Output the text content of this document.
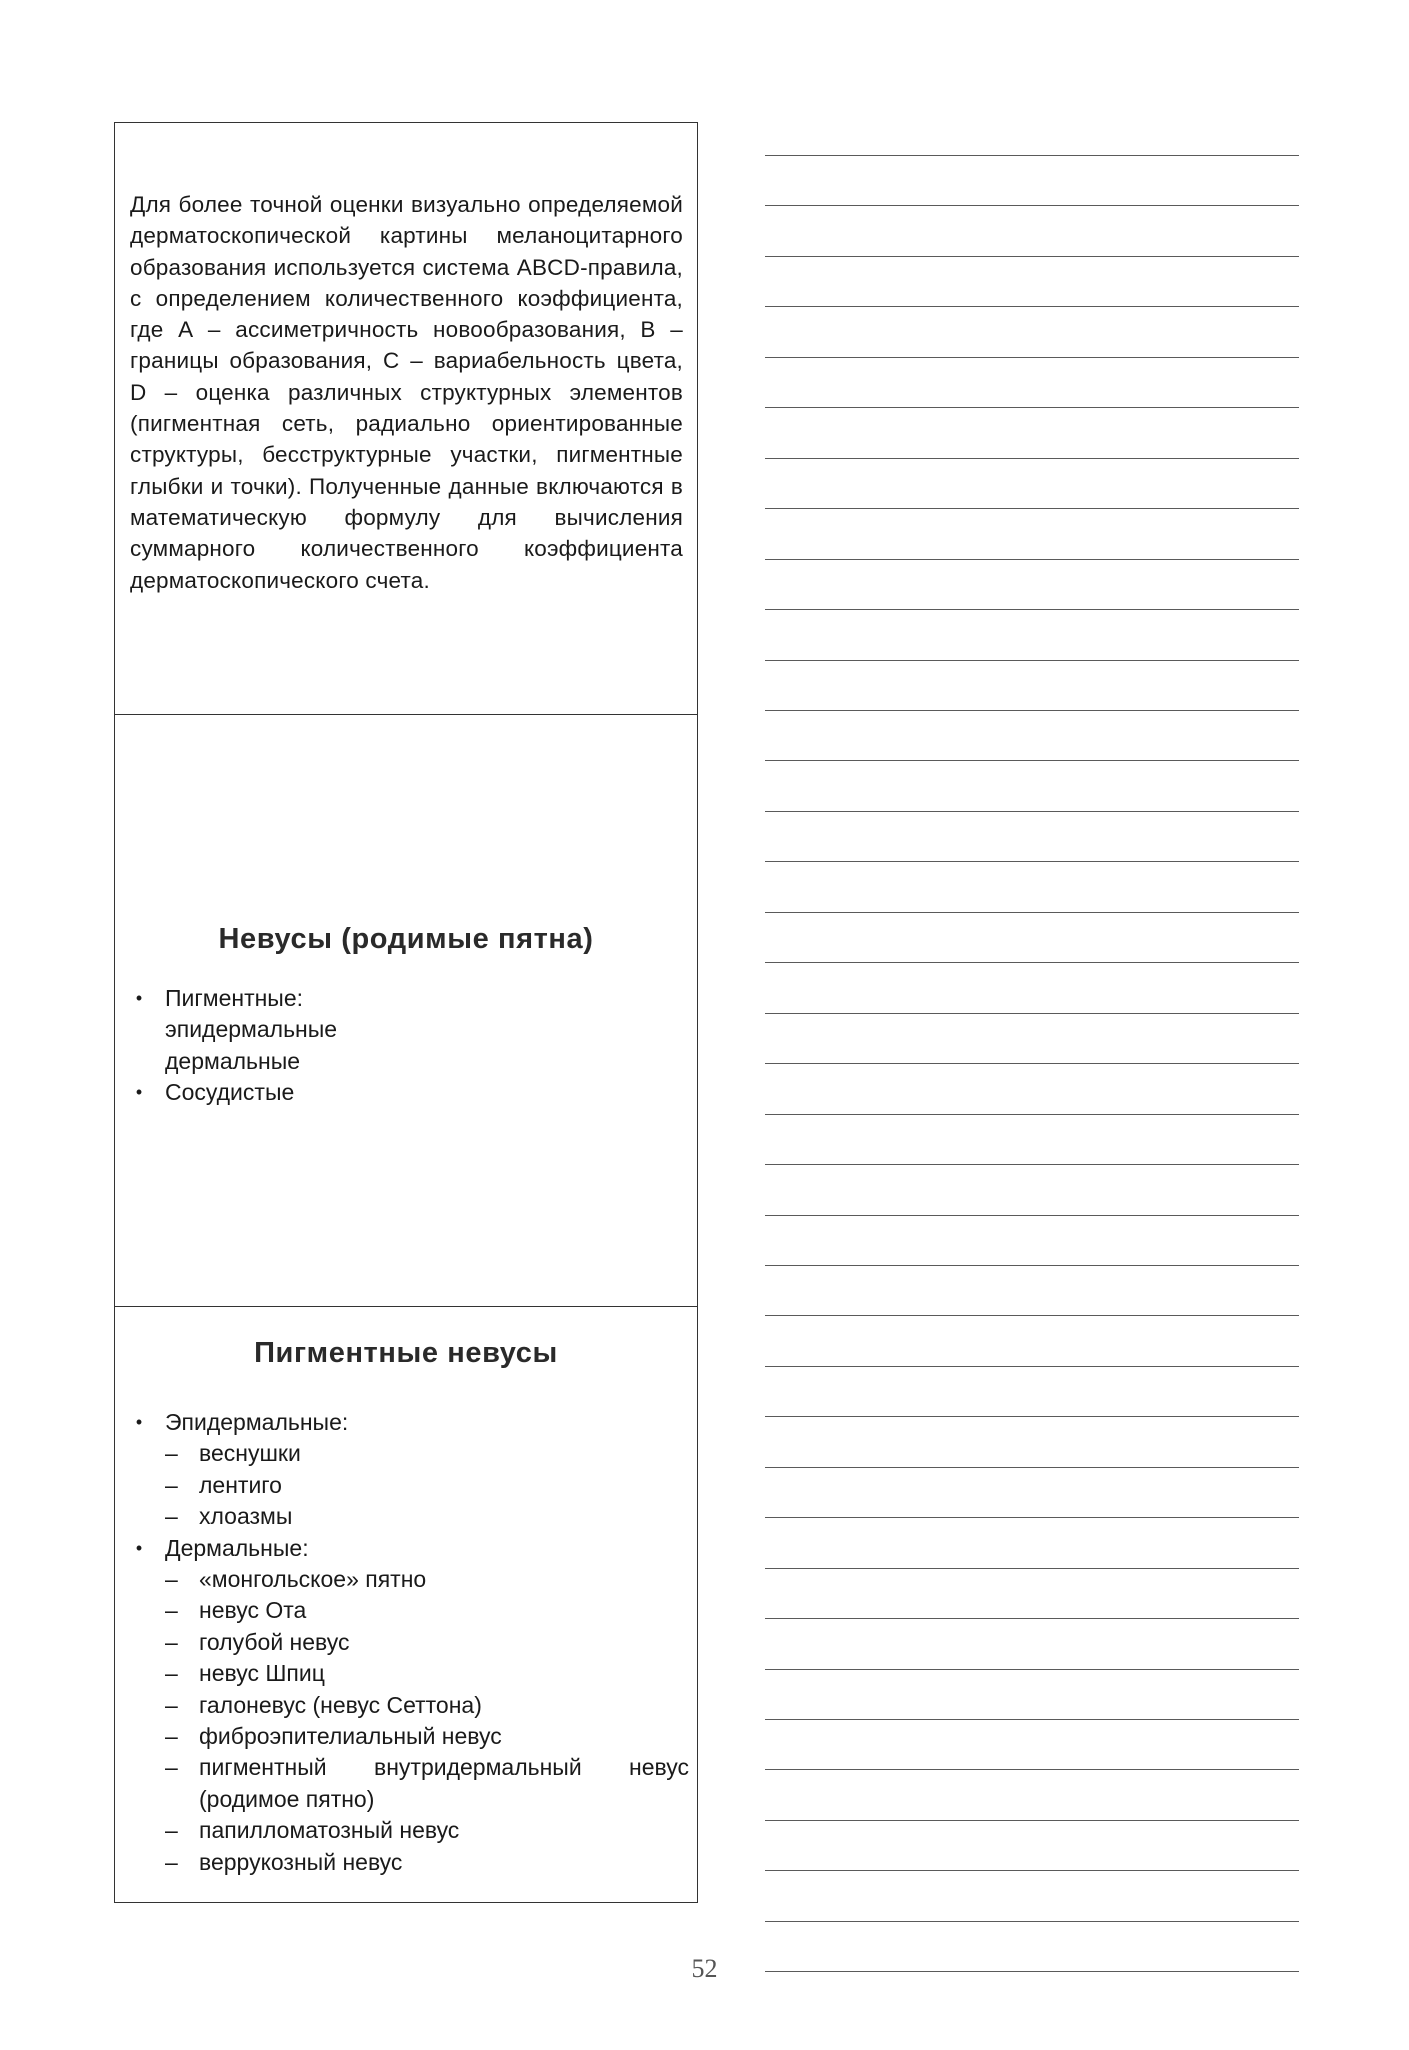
Для более точной оценки визуально определяемой дерматоскопической картины меланоцитарного образования используется система ABCD-правила, с определением количественного коэффициента, где А – ассиметричность новообразования, В – границы образования, С – вариабельность цвета, D – оценка различных структурных элементов (пигментная сеть, радиально ориентированные структуры, бесструктурные участки, пигментные глыбки и точки). Полученные данные включаются в математическую формулу для вычисления суммарного количественного коэффициента дерматоскопического счета.
Невусы (родимые пятна)
• Пигментные:
эпидермальные
дермальные
• Сосудистые
Пигментные невусы
• Эпидермальные:
– веснушки
– лентиго
– хлоазмы
• Дермальные:
– «монгольское» пятно
– невус Ота
– голубой невус
– невус Шпиц
– галоневус (невус Сеттона)
– фиброэпителиальный невус
– пигментный внутридермальный невус (родимое пятно)
– папилломатозный невус
– веррукозный невус
52
